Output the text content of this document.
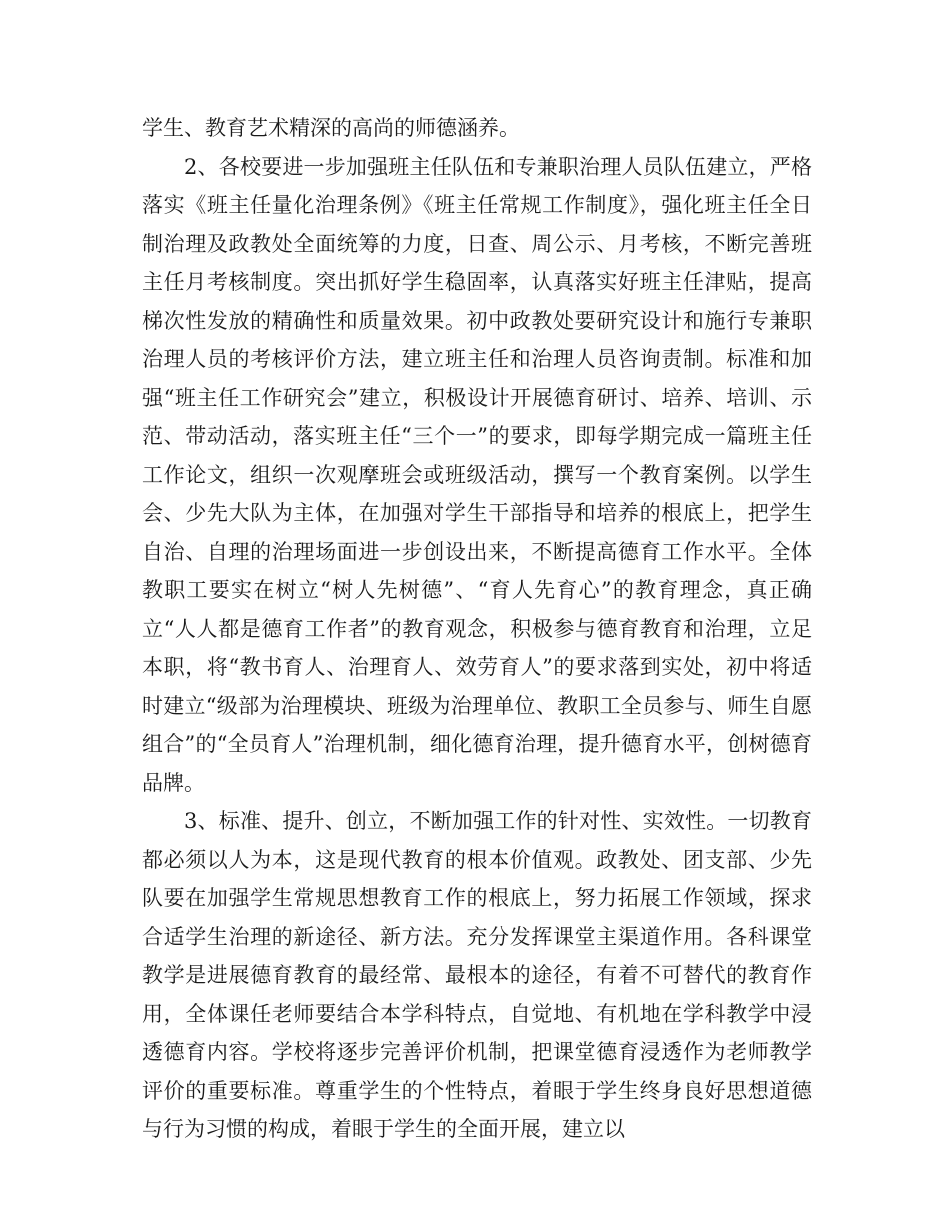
学生、教育艺术精深的高尚的师德涵养。

2、各校要进一步加强班主任队伍和专兼职治理人员队伍建立，严格落实《班主任量化治理条例》《班主任常规工作制度》，强化班主任全日制治理及政教处全面统筹的力度，日查、周公示、月考核，不断完善班主任月考核制度。突出抓好学生稳固率，认真落实好班主任津贴，提高梯次性发放的精确性和质量效果。初中政教处要研究设计和施行专兼职治理人员的考核评价方法，建立班主任和治理人员咨询责制。标准和加强“班主任工作研究会”建立，积极设计开展德育研讨、培养、培训、示范、带动活动，落实班主任“三个一”的要求，即每学期完成一篇班主任工作论文，组织一次观摩班会或班级活动，撰写一个教育案例。以学生会、少先大队为主体，在加强对学生干部指导和培养的根底上，把学生自治、自理的治理场面进一步创设出来，不断提高德育工作水平。全体教职工要实在树立“树人先树德”、“育人先育心”的教育理念，真正确立“人人都是德育工作者”的教育观念，积极参与德育教育和治理，立足本职，将“教书育人、治理育人、效劳育人”的要求落到实处，初中将适时建立“级部为治理模块、班级为治理单位、教职工全员参与、师生自愿组合”的“全员育人”治理机制，细化德育治理，提升德育水平，创树德育品牌。

3、标准、提升、创立，不断加强工作的针对性、实效性。一切教育都必须以人为本，这是现代教育的根本价值观。政教处、团支部、少先队要在加强学生常规思想教育工作的根底上，努力拓展工作领域，探求合适学生治理的新途径、新方法。充分发挥课堂主渠道作用。各科课堂教学是进展德育教育的最经常、最根本的途径，有着不可替代的教育作用，全体课任老师要结合本学科特点，自觉地、有机地在学科教学中浸透德育内容。学校将逐步完善评价机制，把课堂德育浸透作为老师教学评价的重要标准。尊重学生的个性特点，着眼于学生终身良好思想道德与行为习惯的构成，着眼于学生的全面开展，建立以
